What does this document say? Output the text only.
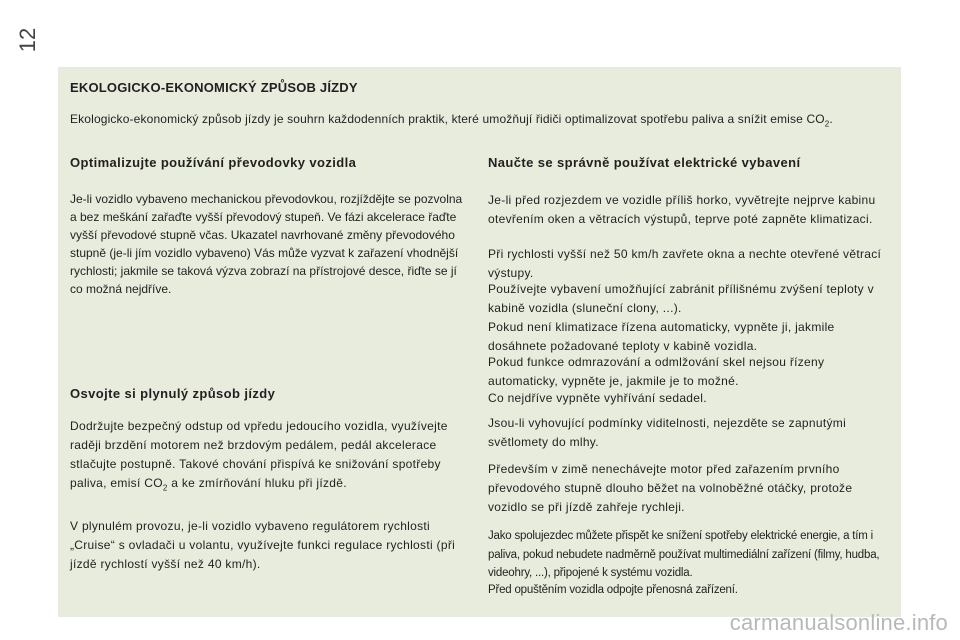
12
EKOLOGICKO-EKONOMICKÝ ZPŮSOB JÍZDY
Ekologicko-ekonomický způsob jízdy je souhrn každodenních praktik, které umožňují řidiči optimalizovat spotřebu paliva a snížit emise $CO_2$.
Optimalizujte používání převodovky vozidla
Je-li vozidlo vybaveno mechanickou převodovkou, rozjíždějte se pozvolna a bez meškání zařaďte vyšší převodový stupeň. Ve fázi akcelerace řaďte vyšší převodové stupně včas. Ukazatel navrhované změny převodového stupně (je-li jím vozidlo vybaveno) Vás může vyzvat k zařazení vhodnější rychlosti; jakmile se taková výzva zobrazí na přístrojové desce, řiďte se jí co možná nejdříve.
Osvojte si plynulý způsob jízdy
Dodržujte bezpečný odstup od vpředu jedoucího vozidla, využívejte raději brzdění motorem než brzdovým pedálem, pedál akcelerace stlačujte postupně. Takové chování přispívá ke snižování spotřeby paliva, emisí $CO_2$ a ke zmírňování hluku při jízdě.
V plynulém provozu, je-li vozidlo vybaveno regulátorem rychlosti „Cruise“ s ovladači u volantu, využívejte funkci regulace rychlosti (při jízdě rychlostí vyšší než 40 km/h).
Naučte se správně používat elektrické vybavení
Je-li před rozjezdem ve vozidle příliš horko, vyvětrejte nejprve kabinu otevřením oken a větracích výstupů, teprve poté zapněte klimatizaci.
Při rychlosti vyšší než 50 km/h zavřete okna a nechte otevřené větrací výstupy.
Používejte vybavení umožňující zabránit přílišnému zvýšení teploty v kabině vozidla (sluneční clony, ...).
Pokud není klimatizace řízena automaticky, vypněte ji, jakmile dosáhnete požadované teploty v kabině vozidla.
Pokud funkce odmrazování a odmlžování skel nejsou řízeny automaticky, vypněte je, jakmile je to možné.
Co nejdříve vypněte vyhřívání sedadel.
Jsou-li vyhovující podmínky viditelnosti, nejezděte se zapnutými světlomety do mlhy.
Především v zimě nenechávejte motor před zařazením prvního převodového stupně dlouho běžet na volnoběžné otáčky, protože vozidlo se při jízdě zahřeje rychleji.
Jako spolujezdec můžete přispět ke snížení spotřeby elektrické energie, a tím i paliva, pokud nebudete nadměrně používat multimediální zařízení (filmy, hudba, videohry, ...), připojené k systému vozidla.
Před opuštěním vozidla odpojte přenosná zařízení.
carmanualsonline.info
